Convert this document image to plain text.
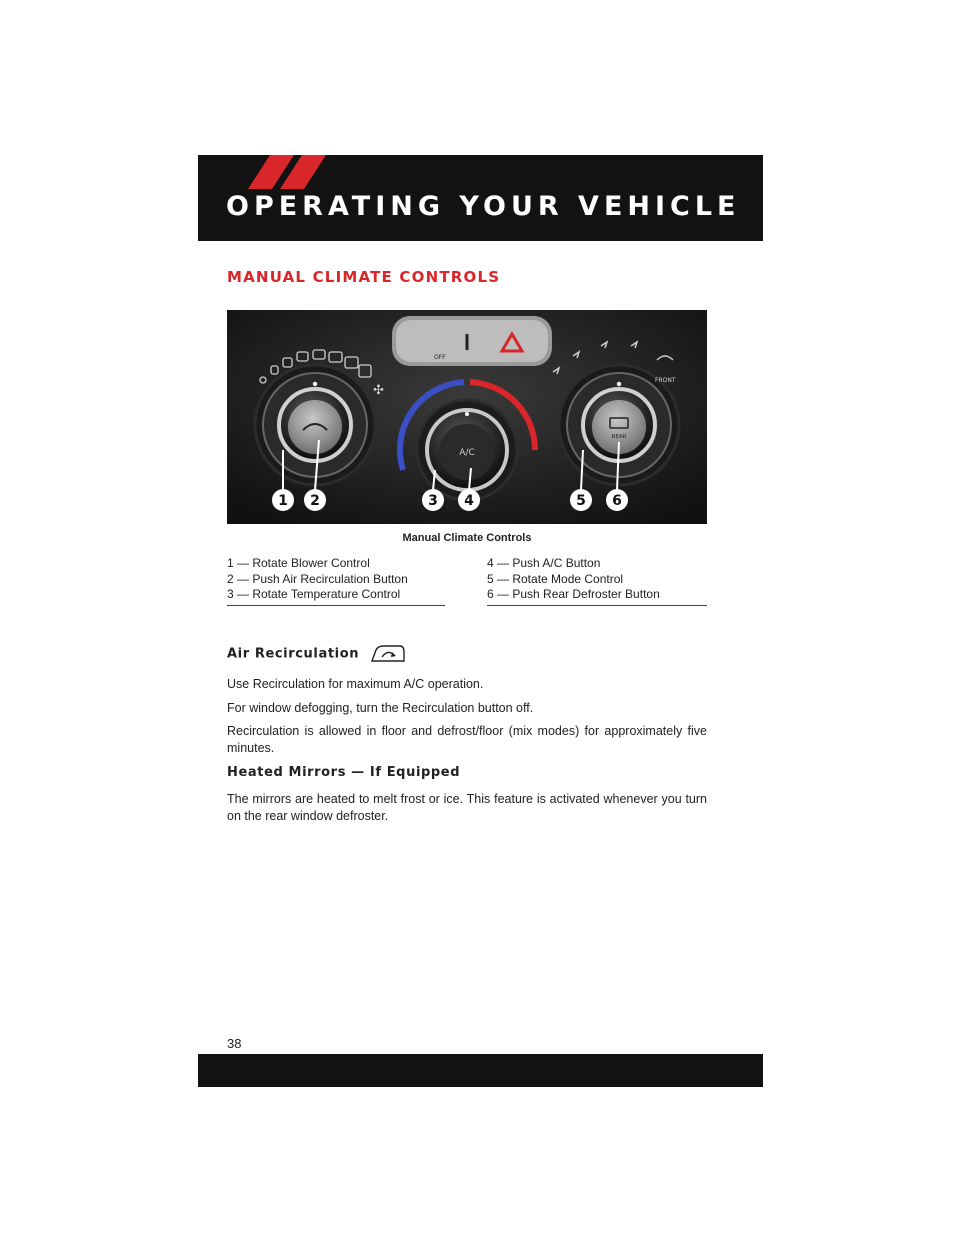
OPERATING YOUR VEHICLE
MANUAL CLIMATE CONTROLS
OFF
✣
A/C
REAR
FRONT
1 2	3 4	5 6
Manual Climate Controls
1 — Rotate Blower Control
2 — Push Air Recirculation Button
3 — Rotate Temperature Control
4 — Push A/C Button
5 — Rotate Mode Control
6 — Push Rear Defroster Button
Air Recirculation
Use Recirculation for maximum A/C operation.
For window defogging, turn the Recirculation button off.
Recirculation is allowed in floor and defrost/floor (mix modes) for approximately five minutes.
Heated Mirrors — If Equipped
The mirrors are heated to melt frost or ice. This feature is activated whenever you turn on the rear window defroster.
38
